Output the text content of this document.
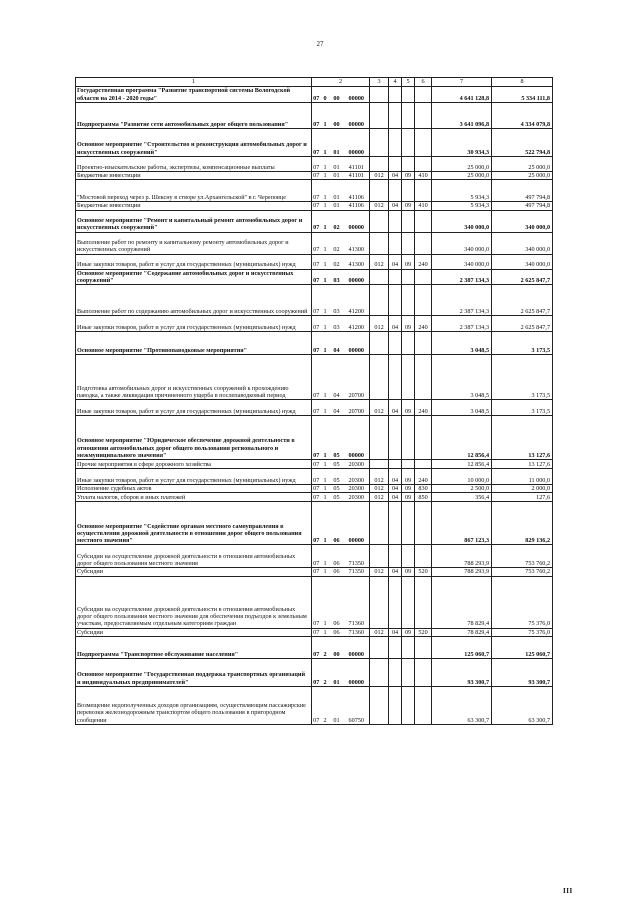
27
1	2				3	4	5	6	7	8
Государственная программа "Развитие транспортной системы Вологодской области на 2014 - 2020 годы"	07	0	00	00000					4 641 128,8	5 334 111,8
Подпрограмма "Развитие сети автомобильных дорог общего пользования"	07	1	00	00000					3 641 096,8	4 334 079,8
Основное мероприятие "Строительство и реконструкция автомобильных дорог и искусственных сооружений"	07	1	01	00000					30 934,3	522 794,8
Проектно-изыскательские работы, экспертизы, компенсационные выплаты	07	1	01	41101					25 000,0	25 000,0
Бюджетные инвестиции	07	1	01	41101	012	04	09	410	25 000,0	25 000,0
"Мостовой переход через р. Шексну в створе ул.Архангельской" в г. Череповце	07	1	01	41106					5 934,3	497 794,8
Бюджетные инвестиции	07	1	01	41106	012	04	09	410	5 934,3	497 794,8
Основное мероприятие "Ремонт и капитальный ремонт автомобильных дорог и искусственных сооружений"	07	1	02	00000					340 000,0	340 000,0
Выполнение работ по ремонту и капитальному ремонту автомобильных дорог и искусственных сооружений	07	1	02	41300					340 000,0	340 000,0
Иные закупки товаров, работ и услуг для государственных (муниципальных) нужд	07	1	02	41300	012	04	09	240	340 000,0	340 000,0
Основное мероприятие "Содержание автомобильных дорог и искусственных сооружений"	07	1	03	00000					2 387 134,3	2 625 847,7
Выполнение работ по содержанию автомобильных дорог и искусственных сооружений	07	1	03	41200					2 387 134,3	2 625 847,7
Иные закупки товаров, работ и услуг для государственных (муниципальных) нужд	07	1	03	41200	012	04	09	240	2 387 134,3	2 625 847,7
Основное мероприятие "Противопаводковые мероприятия"	07	1	04	00000					3 048,5	3 173,5
Подготовка автомобильных дорог и искусственных сооружений к прохождению паводка, а также ликвидация причиненного ущерба в послепаводковый период	07	1	04	20700					3 048,5	3 173,5
Иные закупки товаров, работ и услуг для государственных (муниципальных) нужд	07	1	04	20700	012	04	09	240	3 048,5	3 173,5
Основное мероприятие "Юридическое обеспечение дорожной деятельности в отношении автомобильных дорог общего пользования регионального и межмуниципального значения"	07	1	05	00000					12 856,4	13 127,6
Прочие мероприятия в сфере дорожного хозяйства	07	1	05	20300					12 856,4	13 127,6
Иные закупки товаров, работ и услуг для государственных (муниципальных) нужд	07	1	05	20300	012	04	09	240	10 000,0	11 000,0
Исполнение судебных актов	07	1	05	20300	012	04	09	830	2 500,0	2 000,0
Уплата налогов, сборов и иных платежей	07	1	05	20300	012	04	09	850	356,4	127,6
Основное мероприятие "Содействие органам местного самоуправления в осуществлении дорожной деятельности в отношении дорог общего пользования местного значения"	07	1	06	00000					867 123,3	829 136,2
Субсидии на осуществление дорожной деятельности в отношении автомобильных дорог общего пользования местного значения	07	1	06	71350					788 293,9	753 760,2
Субсидии	07	1	06	71350	012	04	09	520	788 293,9	753 760,2
Субсидии на осуществление дорожной деятельности в отношении автомобильных дорог общего пользования местного значения для обеспечения подъездов к земельным участкам, предоставляемым отдельным категориям граждан	07	1	06	71360					78 829,4	75 376,0
Субсидии	07	1	06	71360	012	04	09	520	78 829,4	75 376,0
Подпрограмма "Транспортное обслуживание населения"	07	2	00	00000					125 060,7	125 060,7
Основное мероприятие "Государственная поддержка транспортных организаций и индивидуальных предпринимателей"	07	2	01	00000					93 300,7	93 300,7
Возмещение недополученных доходов организациям, осуществляющим пассажирские перевозки железнодорожным транспортом общего пользования в пригородном сообщении	07	2	01	60750					63 300,7	63 300,7
III
